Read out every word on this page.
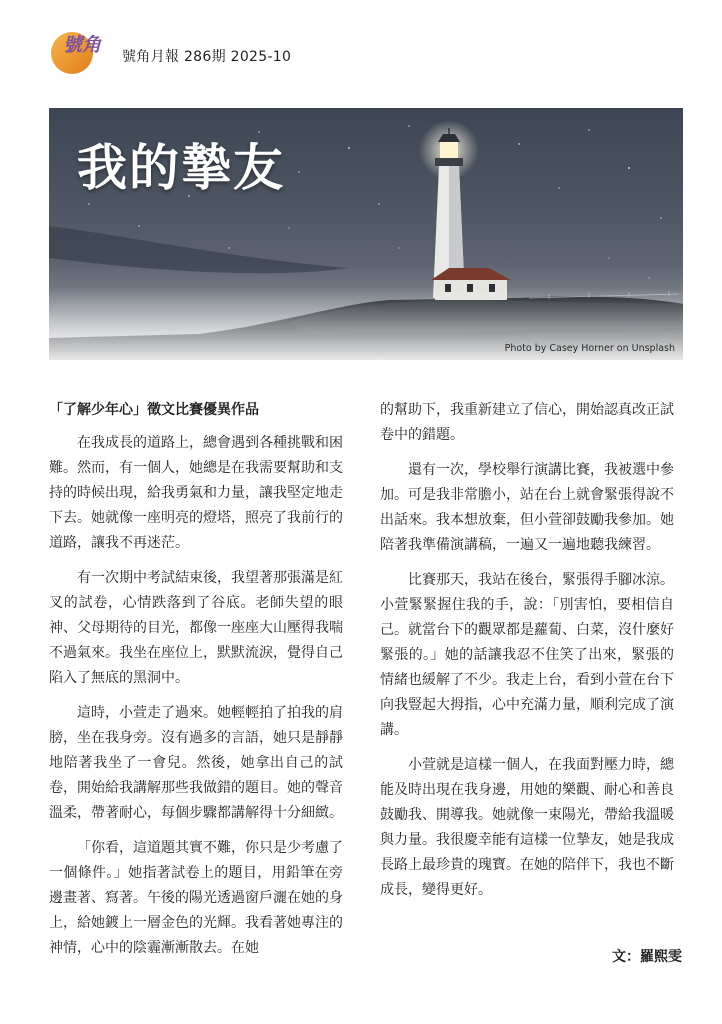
號角
號角月報 286期 2025-10
我的摯友
Photo by Casey Horner on Unsplash
「了解少年心」徵文比賽優異作品

在我成長的道路上，總會遇到各種挑戰和困難。然而，有一個人，她總是在我需要幫助和支持的時候出現，給我勇氣和力量，讓我堅定地走下去。她就像一座明亮的燈塔，照亮了我前行的道路，讓我不再迷茫。

有一次期中考試結束後，我望著那張滿是紅叉的試卷，心情跌落到了谷底。老師失望的眼神、父母期待的目光，都像一座座大山壓得我喘不過氣來。我坐在座位上，默默流淚，覺得自己陷入了無底的黑洞中。

這時，小萱走了過來。她輕輕拍了拍我的肩膀，坐在我身旁。沒有過多的言語，她只是靜靜地陪著我坐了一會兒。然後，她拿出自己的試卷，開始給我講解那些我做錯的題目。她的聲音溫柔，帶著耐心，每個步驟都講解得十分細緻。

「你看，這道題其實不難，你只是少考慮了一個條件。」她指著試卷上的題目，用鉛筆在旁邊畫著、寫著。午後的陽光透過窗戶灑在她的身上，給她鍍上一層金色的光輝。我看著她專注的神情，心中的陰霾漸漸散去。在她

的幫助下，我重新建立了信心，開始認真改正試卷中的錯題。

還有一次，學校舉行演講比賽，我被選中參加。可是我非常膽小，站在台上就會緊張得說不出話來。我本想放棄，但小萱卻鼓勵我參加。她陪著我準備演講稿，一遍又一遍地聽我練習。

比賽那天，我站在後台，緊張得手腳冰涼。小萱緊緊握住我的手，說：「別害怕，要相信自己。就當台下的觀眾都是蘿蔔、白菜，沒什麼好緊張的。」她的話讓我忍不住笑了出來，緊張的情緒也緩解了不少。我走上台，看到小萱在台下向我豎起大拇指，心中充滿力量，順利完成了演講。

小萱就是這樣一個人，在我面對壓力時，總能及時出現在我身邊，用她的樂觀、耐心和善良鼓勵我、開導我。她就像一束陽光，帶給我溫暖與力量。我很慶幸能有這樣一位摯友，她是我成長路上最珍貴的瑰寶。在她的陪伴下，我也不斷成長，變得更好。

文：羅熙雯
